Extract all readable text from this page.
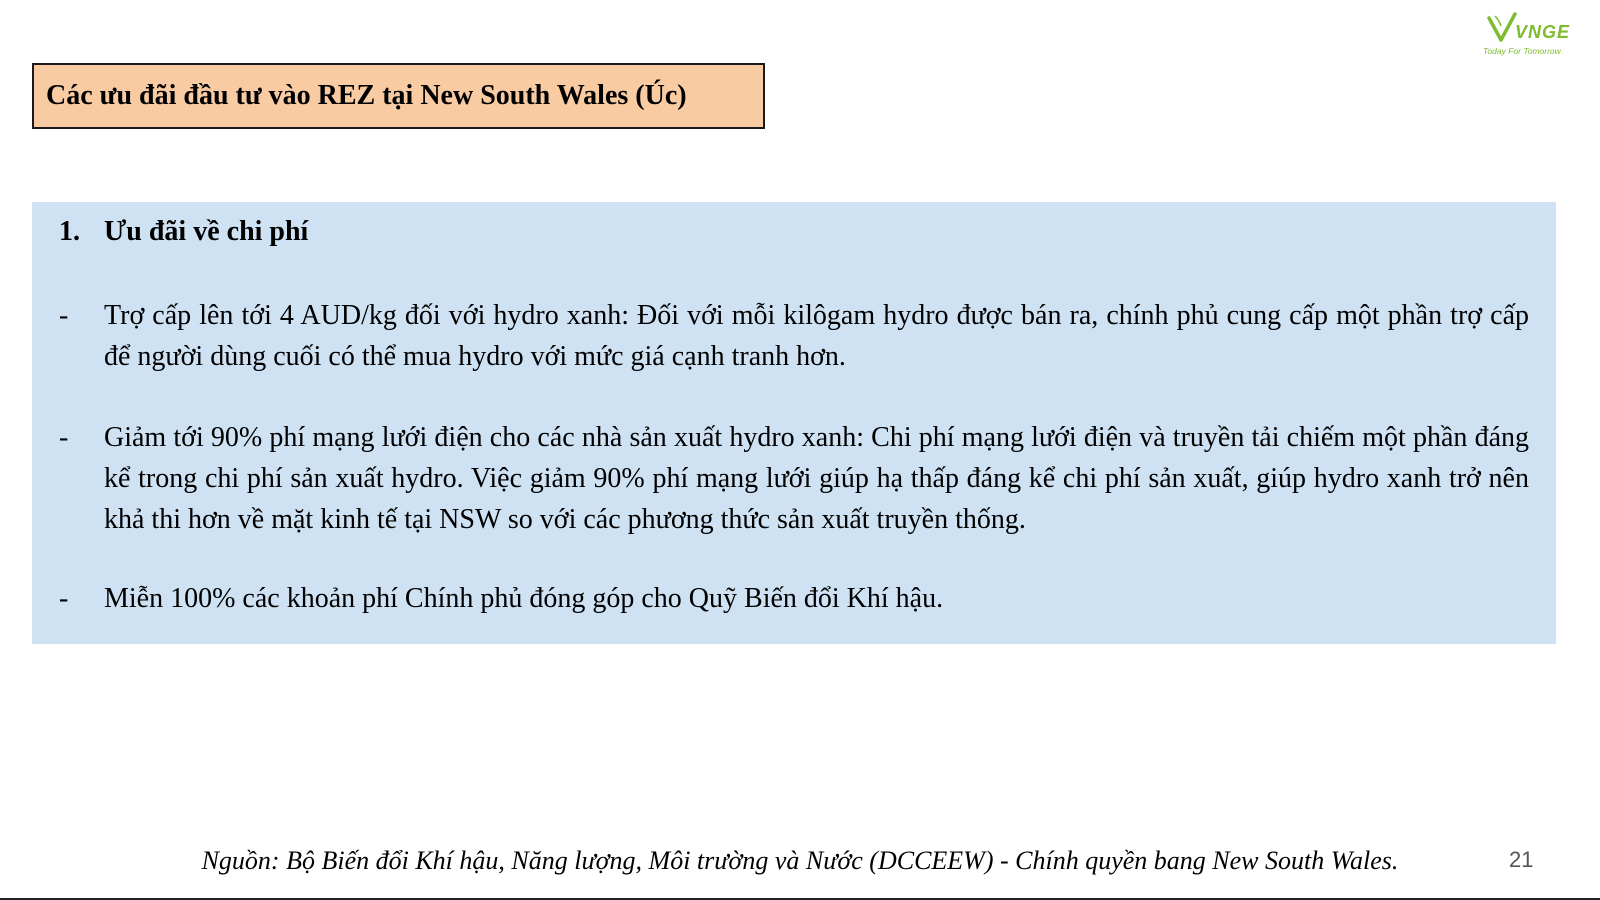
VNGE
Today For Tomorrow
Các ưu đãi đầu tư vào REZ tại New South Wales (Úc)
1. Ưu đãi về chi phí
- Trợ cấp lên tới 4 AUD/kg đối với hydro xanh: Đối với mỗi kilôgam hydro được bán ra, chính phủ cung cấp một phần trợ cấp để người dùng cuối có thể mua hydro với mức giá cạnh tranh hơn.
- Giảm tới 90% phí mạng lưới điện cho các nhà sản xuất hydro xanh: Chi phí mạng lưới điện và truyền tải chiếm một phần đáng kể trong chi phí sản xuất hydro. Việc giảm 90% phí mạng lưới giúp hạ thấp đáng kể chi phí sản xuất, giúp hydro xanh trở nên khả thi hơn về mặt kinh tế tại NSW so với các phương thức sản xuất truyền thống.
- Miễn 100% các khoản phí Chính phủ đóng góp cho Quỹ Biến đổi Khí hậu.
Nguồn: Bộ Biến đổi Khí hậu, Năng lượng, Môi trường và Nước (DCCEEW) - Chính quyền bang New South Wales.	21
